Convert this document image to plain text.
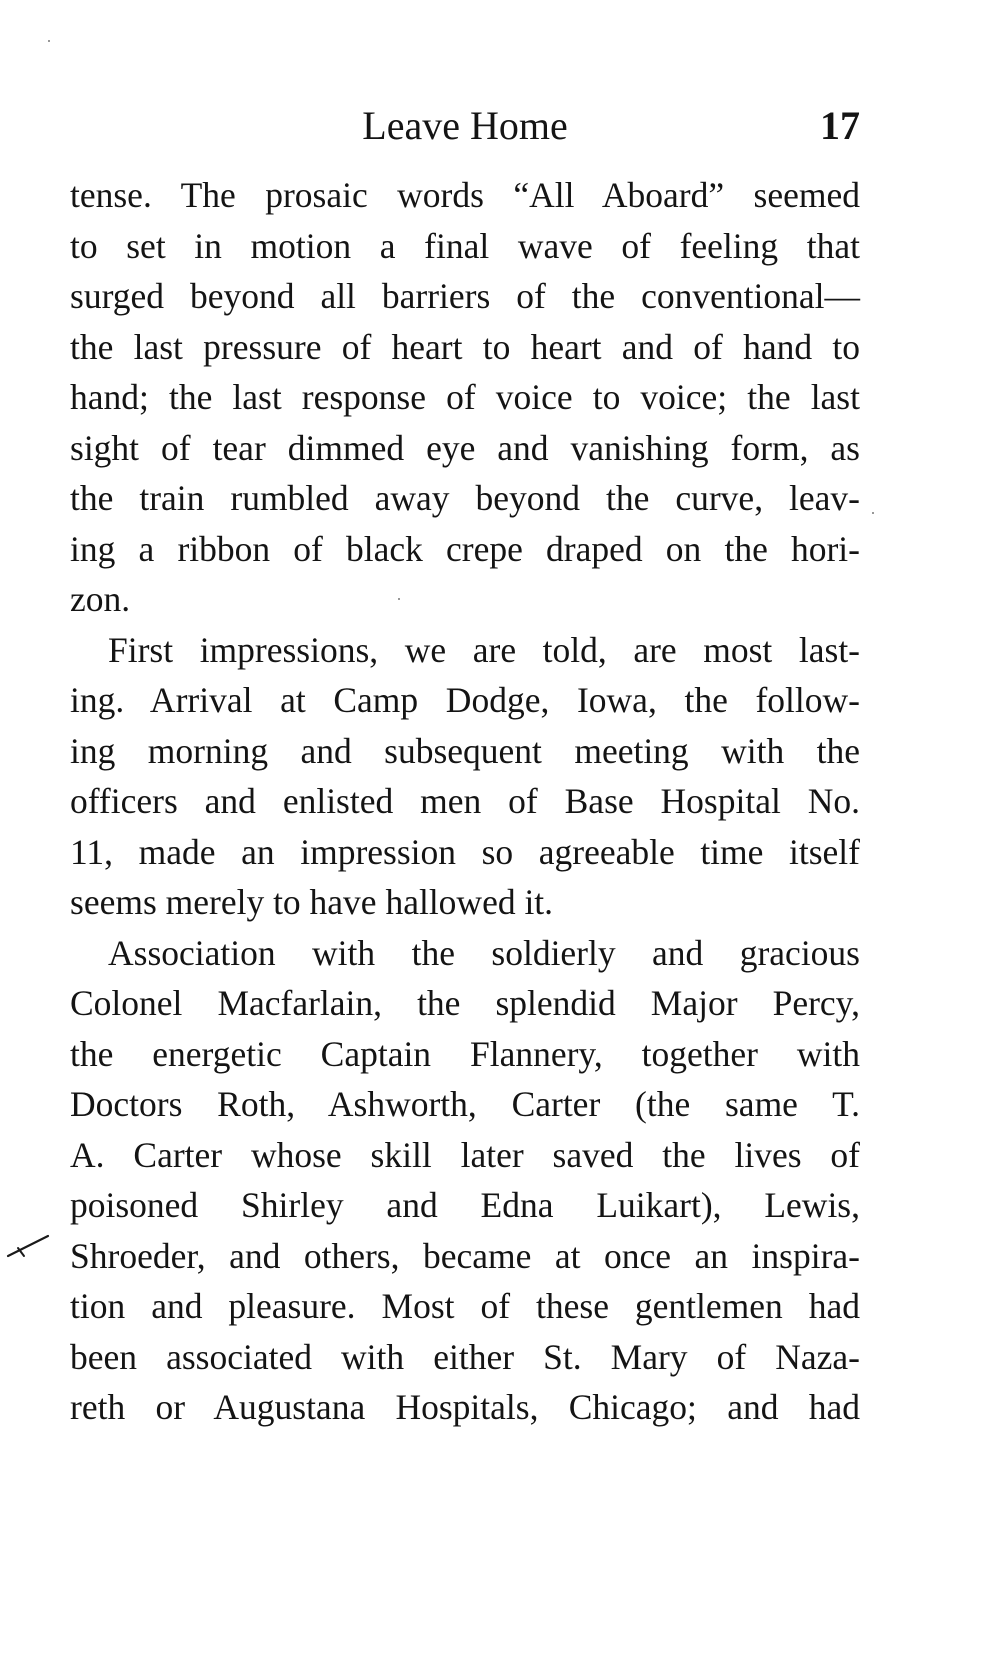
Leave Home	17
tense. The prosaic words “All Aboard” seemed
to set in motion a final wave of feeling that
surged beyond all barriers of the conventional—
the last pressure of heart to heart and of hand to
hand; the last response of voice to voice; the last
sight of tear dimmed eye and vanishing form, as
the train rumbled away beyond the curve, leav-
ing a ribbon of black crepe draped on the hori-
zon.
First impressions, we are told, are most last-
ing. Arrival at Camp Dodge, Iowa, the follow-
ing morning and subsequent meeting with the
officers and enlisted men of Base Hospital No.
11, made an impression so agreeable time itself
seems merely to have hallowed it.
Association with the soldierly and gracious
Colonel Macfarlain, the splendid Major Percy,
the energetic Captain Flannery, together with
Doctors Roth, Ashworth, Carter (the same T.
A. Carter whose skill later saved the lives of
poisoned Shirley and Edna Luikart), Lewis,
Shroeder, and others, became at once an inspira-
tion and pleasure. Most of these gentlemen had
been associated with either St. Mary of Naza-
reth or Augustana Hospitals, Chicago; and had
